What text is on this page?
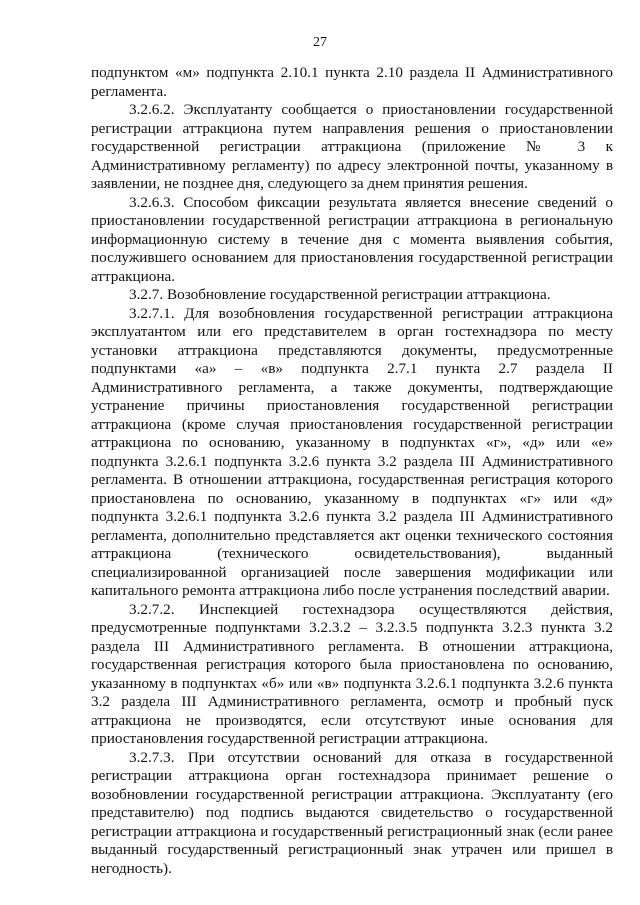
27

подпунктом «м» подпункта 2.10.1 пункта 2.10 раздела II Административного регламента.

3.2.6.2. Эксплуатанту сообщается о приостановлении государственной регистрации аттракциона путем направления решения о приостановлении государственной регистрации аттракциона (приложение № 3 к Административному регламенту) по адресу электронной почты, указанному в заявлении, не позднее дня, следующего за днем принятия решения.

3.2.6.3. Способом фиксации результата является внесение сведений о приостановлении государственной регистрации аттракциона в региональную информационную систему в течение дня с момента выявления события, послужившего основанием для приостановления государственной регистрации аттракциона.

3.2.7. Возобновление государственной регистрации аттракциона.

3.2.7.1. Для возобновления государственной регистрации аттракциона эксплуатантом или его представителем в орган гостехнадзора по месту установки аттракциона представляются документы, предусмотренные подпунктами «а» – «в» подпункта 2.7.1 пункта 2.7 раздела II Административного регламента, а также документы, подтверждающие устранение причины приостановления государственной регистрации аттракциона (кроме случая приостановления государственной регистрации аттракциона по основанию, указанному в подпунктах «г», «д» или «е» подпункта 3.2.6.1 подпункта 3.2.6 пункта 3.2 раздела III Административного регламента. В отношении аттракциона, государственная регистрация которого приостановлена по основанию, указанному в подпунктах «г» или «д» подпункта 3.2.6.1 подпункта 3.2.6 пункта 3.2 раздела III Административного регламента, дополнительно представляется акт оценки технического состояния аттракциона (технического освидетельствования), выданный специализированной организацией после завершения модификации или капитального ремонта аттракциона либо после устранения последствий аварии.

3.2.7.2. Инспекцией гостехнадзора осуществляются действия, предусмотренные подпунктами 3.2.3.2 – 3.2.3.5 подпункта 3.2.3 пункта 3.2 раздела III Административного регламента. В отношении аттракциона, государственная регистрация которого была приостановлена по основанию, указанному в подпунктах «б» или «в» подпункта 3.2.6.1 подпункта 3.2.6 пункта 3.2 раздела III Административного регламента, осмотр и пробный пуск аттракциона не производятся, если отсутствуют иные основания для приостановления государственной регистрации аттракциона.

3.2.7.3. При отсутствии оснований для отказа в государственной регистрации аттракциона орган гостехнадзора принимает решение о возобновлении государственной регистрации аттракциона. Эксплуатанту (его представителю) под подпись выдаются свидетельство о государственной регистрации аттракциона и государственный регистрационный знак (если ранее выданный государственный регистрационный знак утрачен или пришел в негодность).
